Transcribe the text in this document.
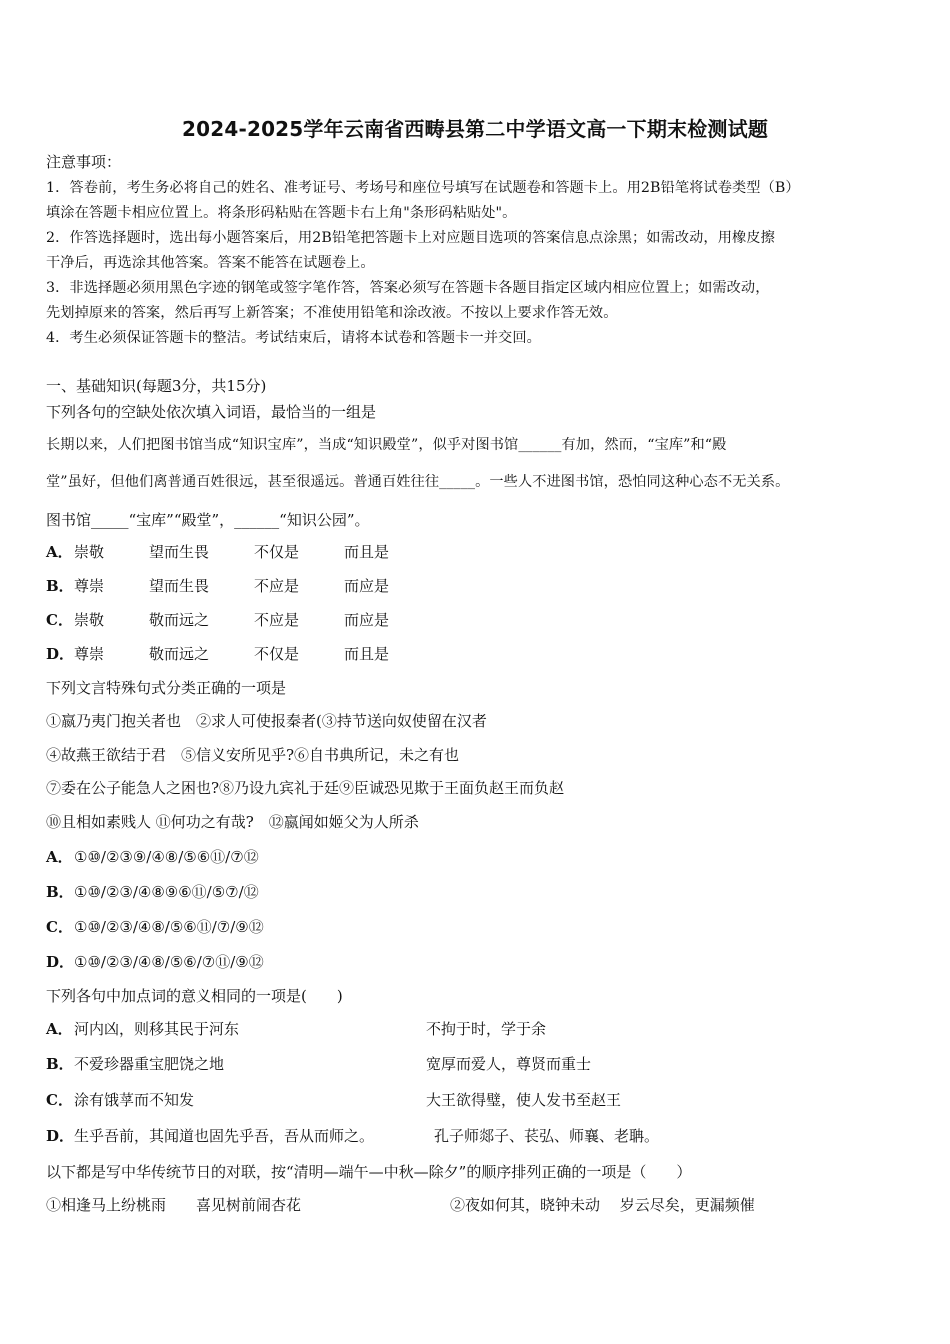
2024-2025学年云南省西畴县第二中学语文高一下期末检测试题
注意事项：
1．答卷前，考生务必将自己的姓名、准考证号、考场号和座位号填写在试题卷和答题卡上。用2B铅笔将试卷类型（B）
填涂在答题卡相应位置上。将条形码粘贴在答题卡右上角"条形码粘贴处"。
2．作答选择题时，选出每小题答案后，用2B铅笔把答题卡上对应题目选项的答案信息点涂黑；如需改动，用橡皮擦
干净后，再选涂其他答案。答案不能答在试题卷上。
3．非选择题必须用黑色字迹的钢笔或签字笔作答，答案必须写在答题卡各题目指定区域内相应位置上；如需改动，
先划掉原来的答案，然后再写上新答案；不准使用铅笔和涂改液。不按以上要求作答无效。
4．考生必须保证答题卡的整洁。考试结束后，请将本试卷和答题卡一并交回。
一、基础知识(每题3分，共15分)
下列各句的空缺处依次填入词语，最恰当的一组是
长期以来，人们把图书馆当成“知识宝库”，当成“知识殿堂”，似乎对图书馆______有加，然而，“宝库”和“殿
堂”虽好，但他们离普通百姓很远，甚至很遥远。普通百姓往往_____。一些人不进图书馆，恐怕同这种心态不无关系。
图书馆_____“宝库”“殿堂”，______“知识公园”。
A．崇敬　　　望而生畏　　　不仅是　　　而且是
B．尊崇　　　望而生畏　　　不应是　　　而应是
C．崇敬　　　敬而远之　　　不应是　　　而应是
D．尊崇　　　敬而远之　　　不仅是　　　而且是
下列文言特殊句式分类正确的一项是
①嬴乃夷门抱关者也　②求人可使报秦者(③持节送向奴使留在汉者
④故燕王欲结于君　⑤信义安所见乎?⑥自书典所记，未之有也
⑦委在公子能急人之困也?⑧乃设九宾礼于廷⑨臣诚恐见欺于王面负赵王而负赵
⑩且相如素贱人 ⑪何功之有哉?　⑫嬴闻如姬父为人所杀
A．①⑩/②③⑨/④⑧/⑤⑥⑪/⑦⑫
B．①⑩/②③/④⑧⑨⑥⑪/⑤⑦/⑫
C．①⑩/②③/④⑧/⑤⑥⑪/⑦/⑨⑫
D．①⑩/②③/④⑧/⑤⑥/⑦⑪/⑨⑫
下列各句中加点词的意义相同的一项是(　　)
A．河内凶，则移其民于河东	不拘于时，学于余
B．不爱珍器重宝肥饶之地	宽厚而爱人，尊贤而重士
C．涂有饿莩而不知发	大王欲得璧，使人发书至赵王
D．生乎吾前，其闻道也固先乎吾，吾从而师之。	孔子师郯子、苌弘、师襄、老聃。
以下都是写中华传统节日的对联，按“清明—端午—中秋—除夕”的顺序排列正确的一项是（　　）
①相逢马上纷桃雨　　喜见树前闹杏花	②夜如何其，晓钟未动　 岁云尽矣，更漏频催
